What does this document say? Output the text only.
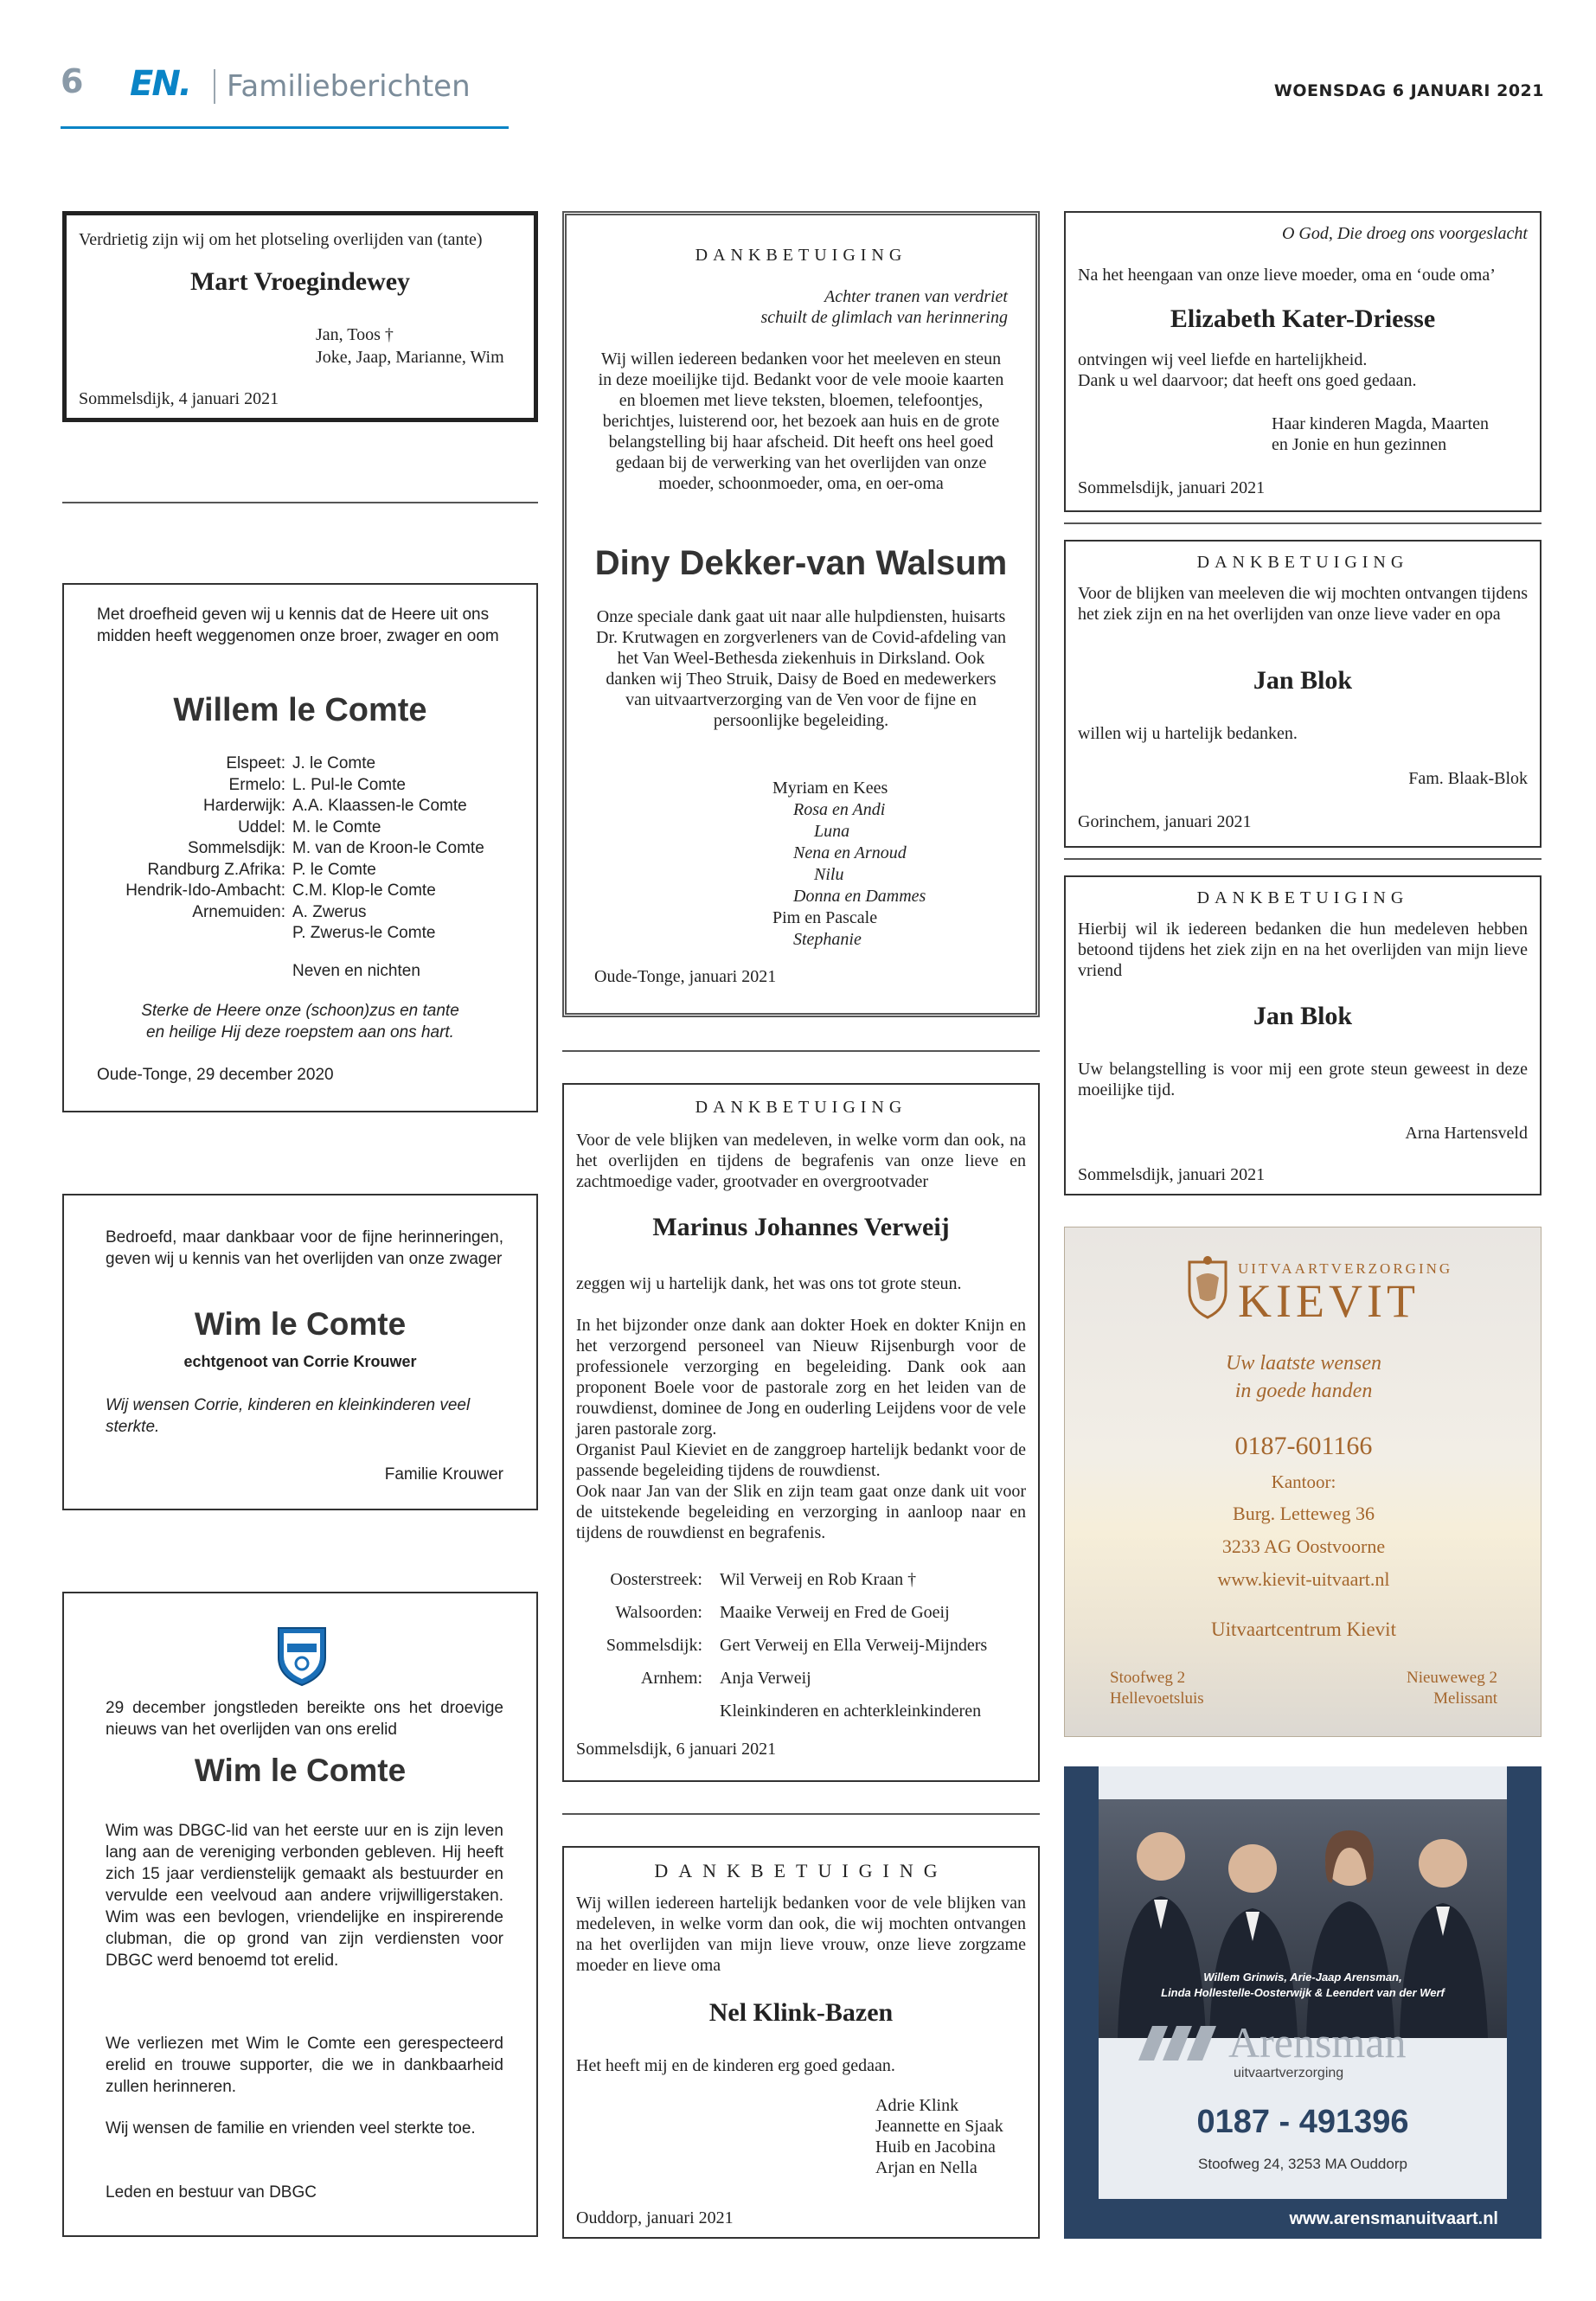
6 EN. Familieberichten	WOENSDAG 6 JANUARI 2021
Verdrietig zijn wij om het plotseling overlijden van (tante)
Mart Vroegindewey
Jan, Toos †
Joke, Jaap, Marianne, Wim
Sommelsdijk, 4 januari 2021
Met droefheid geven wij u kennis dat de Heere uit ons midden heeft weggenomen onze broer, zwager en oom
Willem le Comte
Elspeet: J. le Comte
Ermelo: L. Pul-le Comte
Harderwijk: A.A. Klaassen-le Comte
Uddel: M. le Comte
Sommelsdijk: M. van de Kroon-le Comte
Randburg Z.Afrika: P. le Comte
Hendrik-Ido-Ambacht: C.M. Klop-le Comte
Arnemuiden: A. Zwerus
P. Zwerus-le Comte
Neven en nichten
Sterke de Heere onze (schoon)zus en tante
en heilige Hij deze roepstem aan ons hart.
Oude-Tonge, 29 december 2020
Bedroefd, maar dankbaar voor de fijne herinneringen, geven wij u kennis van het overlijden van onze zwager
Wim le Comte
echtgenoot van Corrie Krouwer
Wij wensen Corrie, kinderen en kleinkinderen veel sterkte.
Familie Krouwer
29 december jongstleden bereikte ons het droevige nieuws van het overlijden van ons erelid
Wim le Comte
Wim was DBGC-lid van het eerste uur en is zijn leven lang aan de vereniging verbonden gebleven. Hij heeft zich 15 jaar verdienstelijk gemaakt als bestuurder en vervulde een veelvoud aan andere vrijwilligerstaken. Wim was een bevlogen, vriendelijke en inspirerende clubman, die op grond van zijn verdiensten voor DBGC werd benoemd tot erelid.
We verliezen met Wim le Comte een gerespecteerd erelid en trouwe supporter, die we in dankbaarheid zullen herinneren.
Wij wensen de familie en vrienden veel sterkte toe.
Leden en bestuur van DBGC
DANKBETUIGING
Achter tranen van verdriet
schuilt de glimlach van herinnering
Wij willen iedereen bedanken voor het meeleven en steun in deze moeilijke tijd. Bedankt voor de vele mooie kaarten en bloemen met lieve teksten, bloemen, telefoontjes, berichtjes, luisterend oor, het bezoek aan huis en de grote belangstelling bij haar afscheid. Dit heeft ons heel goed gedaan bij de verwerking van het overlijden van onze moeder, schoonmoeder, oma, en oer-oma
Diny Dekker-van Walsum
Onze speciale dank gaat uit naar alle hulpdiensten, huisarts Dr. Krutwagen en zorgverleners van de Covid-afdeling van het Van Weel-Bethesda ziekenhuis in Dirksland. Ook danken wij Theo Struik, Daisy de Boed en medewerkers van uitvaartverzorging van de Ven voor de fijne en persoonlijke begeleiding.
Myriam en Kees
Rosa en Andi
Luna
Nena en Arnoud
Nilu
Donna en Dammes
Pim en Pascale
Stephanie
Oude-Tonge, januari 2021
DANKBETUIGING
Voor de vele blijken van medeleven, in welke vorm dan ook, na het overlijden en tijdens de begrafenis van onze lieve en zachtmoedige vader, grootvader en overgrootvader
Marinus Johannes Verweij
zeggen wij u hartelijk dank, het was ons tot grote steun.
In het bijzonder onze dank aan dokter Hoek en dokter Knijn en het verzorgend personeel van Nieuw Rijsenburgh voor de professionele verzorging en begeleiding. Dank ook aan proponent Boele voor de pastorale zorg en het leiden van de rouwdienst, dominee de Jong en ouderling Leijdens voor de vele jaren pastorale zorg.
Organist Paul Kieviet en de zanggroep hartelijk bedankt voor de passende begeleiding tijdens de rouwdienst.
Ook naar Jan van der Slik en zijn team gaat onze dank uit voor de uitstekende begeleiding en verzorging in aanloop naar en tijdens de rouwdienst en begrafenis.
Oosterstreek: Wil Verweij en Rob Kraan †
Walsoorden: Maaike Verweij en Fred de Goeij
Sommelsdijk: Gert Verweij en Ella Verweij-Mijnders
Arnhem: Anja Verweij
Kleinkinderen en achterkleinkinderen
Sommelsdijk, 6 januari 2021
DANKBETUIGING
Wij willen iedereen hartelijk bedanken voor de vele blijken van medeleven, in welke vorm dan ook, die wij mochten ontvangen na het overlijden van mijn lieve vrouw, onze lieve zorgzame moeder en lieve oma
Nel Klink-Bazen
Het heeft mij en de kinderen erg goed gedaan.
Adrie Klink
Jeannette en Sjaak
Huib en Jacobina
Arjan en Nella
Ouddorp, januari 2021
O God, Die droeg ons voorgeslacht
Na het heengaan van onze lieve moeder, oma en ‘oude oma’
Elizabeth Kater-Driesse
ontvingen wij veel liefde en hartelijkheid.
Dank u wel daarvoor; dat heeft ons goed gedaan.
Haar kinderen Magda, Maarten
en Jonie en hun gezinnen
Sommelsdijk, januari 2021
DANKBETUIGING
Voor de blijken van meeleven die wij mochten ontvangen tijdens het ziek zijn en na het overlijden van onze lieve vader en opa
Jan Blok
willen wij u hartelijk bedanken.
Fam. Blaak-Blok
Gorinchem, januari 2021
DANKBETUIGING
Hierbij wil ik iedereen bedanken die hun medeleven hebben betoond tijdens het ziek zijn en na het overlijden van mijn lieve vriend
Jan Blok
Uw belangstelling is voor mij een grote steun geweest in deze moeilijke tijd.
Arna Hartensveld
Sommelsdijk, januari 2021
UITVAARTVERZORGING
KIEVIT
Uw laatste wensen
in goede handen
0187-601166
Kantoor:
Burg. Letteweg 36
3233 AG Oostvoorne
www.kievit-uitvaart.nl
Uitvaartcentrum Kievit
Stoofweg 2
Hellevoetsluis
Nieuweweg 2
Melissant
Willem Grinwis, Arie-Jaap Arensman,
Linda Hollestelle-Oosterwijk & Leendert van der Werf
Arensman
uitvaartverzorging
0187 - 491396
Stoofweg 24, 3253 MA Ouddorp
www.arensmanuitvaart.nl
